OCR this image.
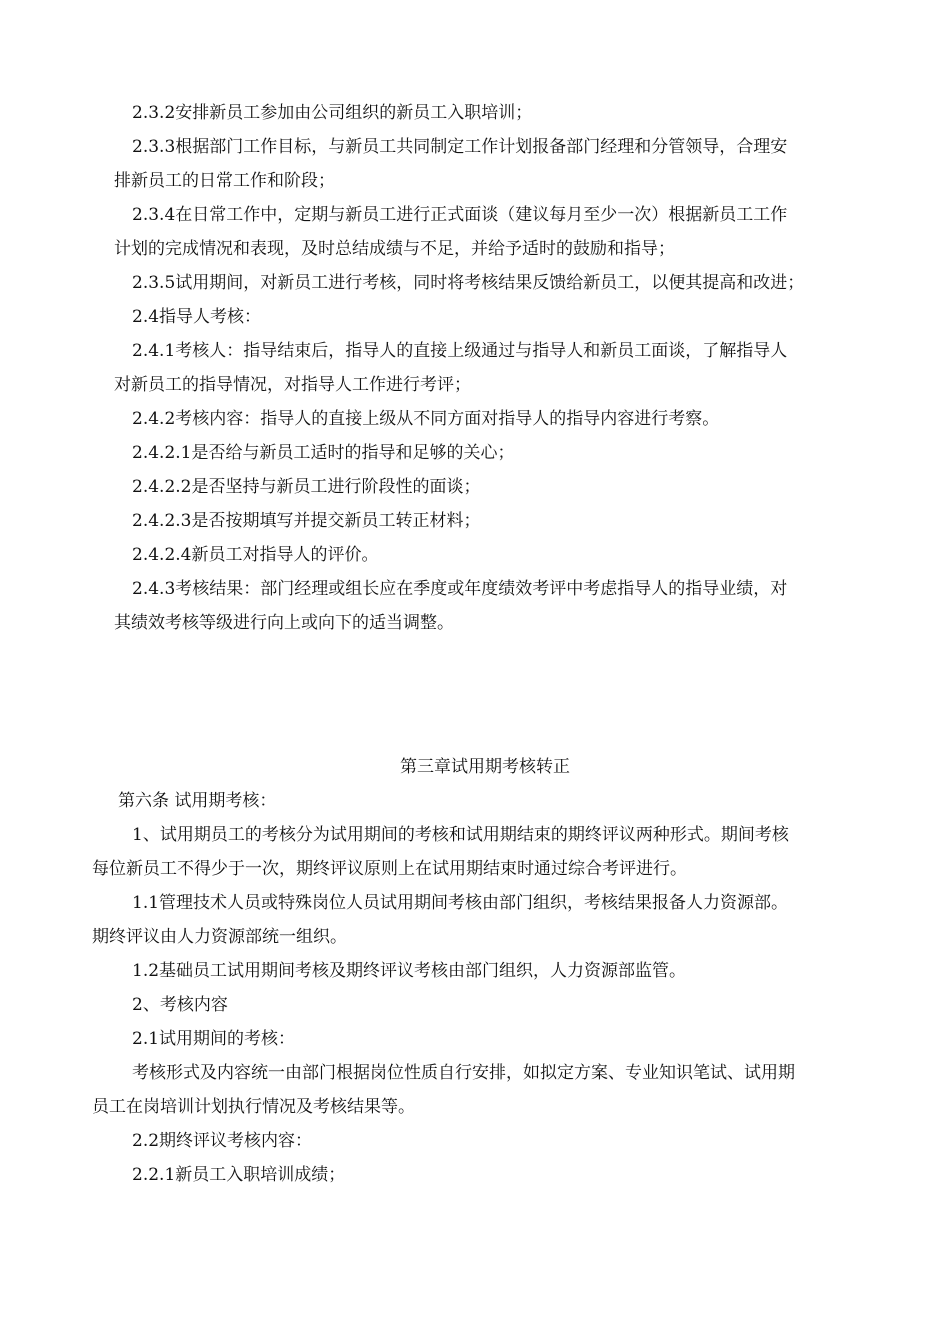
2.3.2安排新员工参加由公司组织的新员工入职培训；

2.3.3根据部门工作目标，与新员工共同制定工作计划报备部门经理和分管领导，合理安

排新员工的日常工作和阶段；

2.3.4在日常工作中，定期与新员工进行正式面谈（建议每月至少一次）根据新员工工作

计划的完成情况和表现，及时总结成绩与不足，并给予适时的鼓励和指导；

2.3.5试用期间，对新员工进行考核，同时将考核结果反馈给新员工，以便其提高和改进；

2.4指导人考核：

2.4.1考核人：指导结束后，指导人的直接上级通过与指导人和新员工面谈，了解指导人

对新员工的指导情况，对指导人工作进行考评；

2.4.2考核内容：指导人的直接上级从不同方面对指导人的指导内容进行考察。

2.4.2.1是否给与新员工适时的指导和足够的关心；

2.4.2.2是否坚持与新员工进行阶段性的面谈；

2.4.2.3是否按期填写并提交新员工转正材料；

2.4.2.4新员工对指导人的评价。

2.4.3考核结果：部门经理或组长应在季度或年度绩效考评中考虑指导人的指导业绩，对

其绩效考核等级进行向上或向下的适当调整。

第三章试用期考核转正

第六条 试用期考核：

1、试用期员工的考核分为试用期间的考核和试用期结束的期终评议两种形式。期间考核

每位新员工不得少于一次，期终评议原则上在试用期结束时通过综合考评进行。

1.1管理技术人员或特殊岗位人员试用期间考核由部门组织，考核结果报备人力资源部。

期终评议由人力资源部统一组织。

1.2基础员工试用期间考核及期终评议考核由部门组织，人力资源部监管。

2、考核内容

2.1试用期间的考核：

考核形式及内容统一由部门根据岗位性质自行安排，如拟定方案、专业知识笔试、试用期

员工在岗培训计划执行情况及考核结果等。

2.2期终评议考核内容：

2.2.1新员工入职培训成绩；
